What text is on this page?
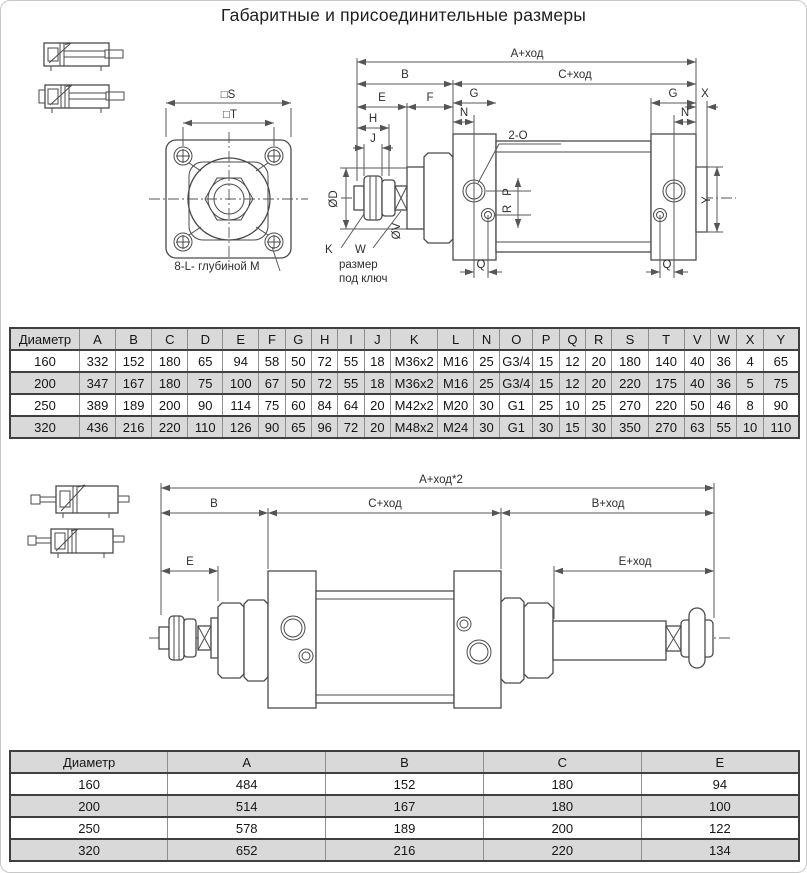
Габаритные и присоединительные размеры
□S
□T
8-L- глубиной M
A+ход
B	C+ход
E	F	G	G X
N	N
H
J
ØD
ØV
K W
размер
под ключ
2-O
P
R
Q	Q
Y
Диаметр	A	B	C	D	E	F	G	H	I	J	K	L	N	O	P	Q	R	S	T	V	W	X	Y
160	332	152	180	65	94	58	50	72	55	18	M36x2	M16	25	G3/4	15	12	20	180	140	40	36	4	65
200	347	167	180	75	100	67	50	72	55	18	M36x2	M16	25	G3/4	15	12	20	220	175	40	36	5	75
250	389	189	200	90	114	75	60	84	64	20	M42x2	M20	30	G1	25	10	25	270	220	50	46	8	90
320	436	216	220	110	126	90	65	96	72	20	M48x2	M24	30	G1	30	15	30	350	270	63	55	10	110
A+ход*2
B	C+ход	B+ход
E	E+ход
Диаметр	A	B	C	E
160	484	152	180	94
200	514	167	180	100
250	578	189	200	122
320	652	216	220	134
